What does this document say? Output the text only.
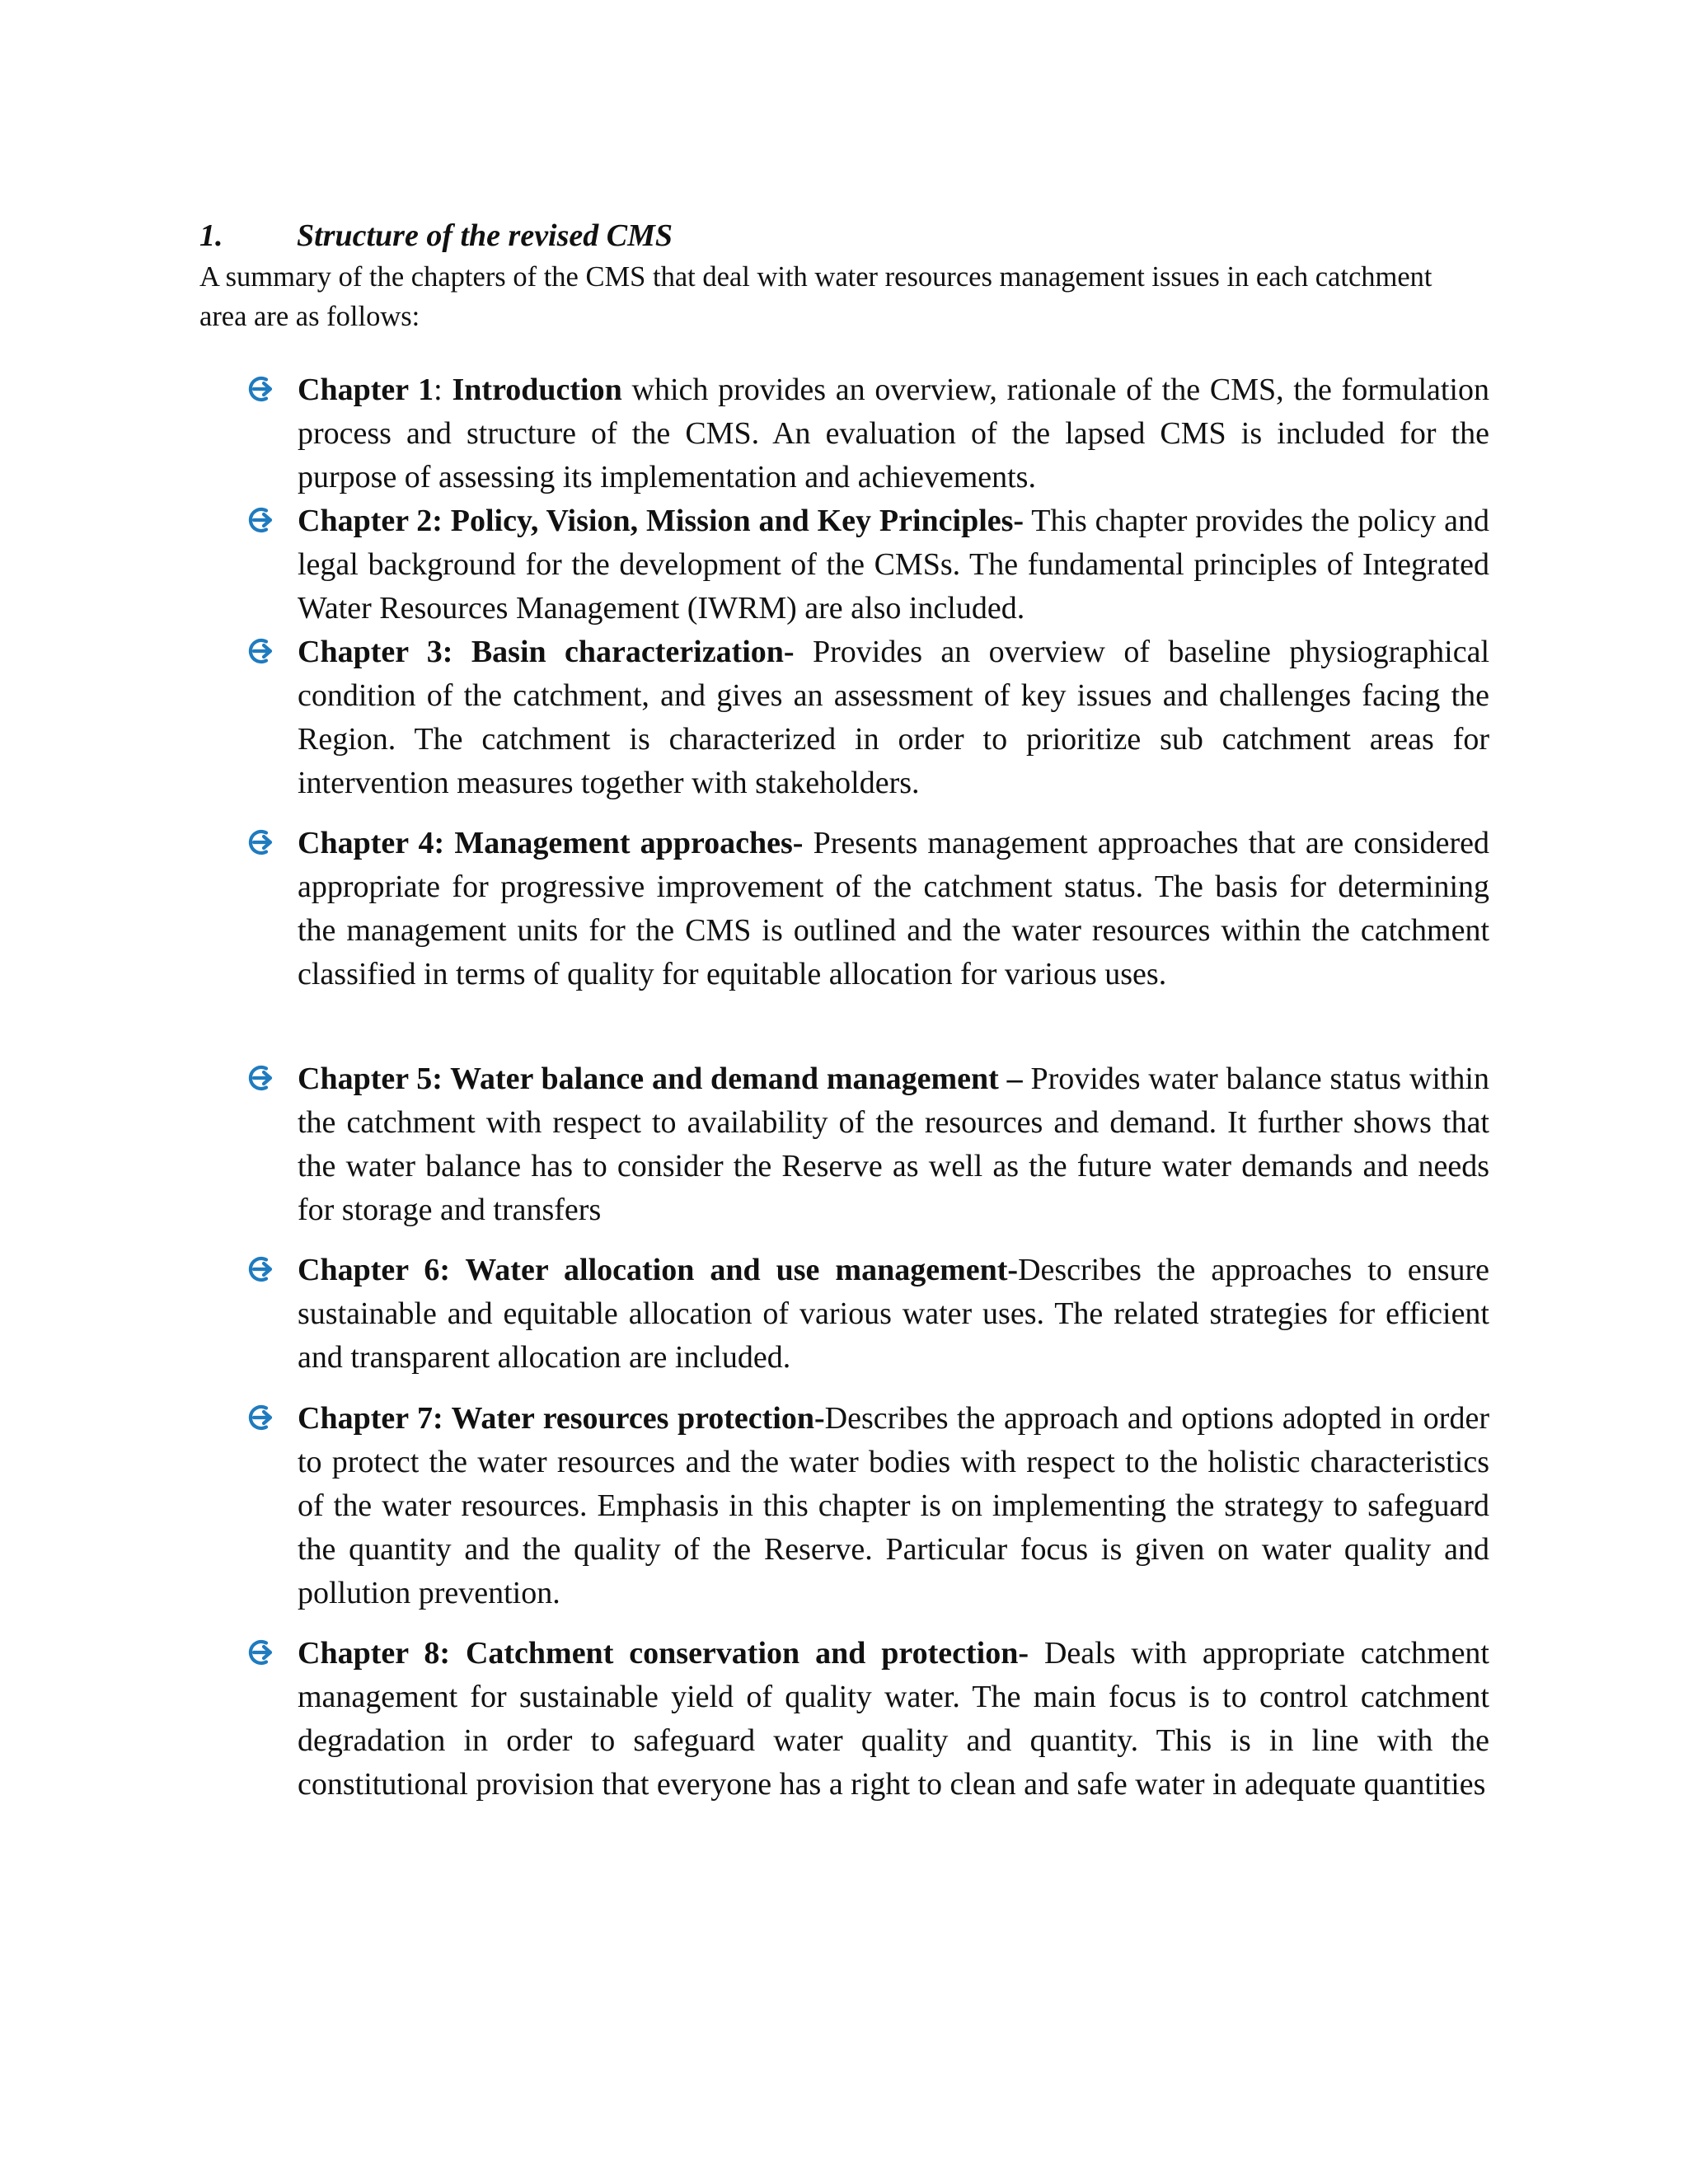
1. Structure of the revised CMS

A summary of the chapters of the CMS that deal with water resources management issues in each catchment area are as follows:

Chapter 1: Introduction which provides an overview, rationale of the CMS, the formulation process and structure of the CMS. An evaluation of the lapsed CMS is included for the purpose of assessing its implementation and achievements.
Chapter 2: Policy, Vision, Mission and Key Principles- This chapter provides the policy and legal background for the development of the CMSs. The fundamental principles of Integrated Water Resources Management (IWRM) are also included.
Chapter 3: Basin characterization- Provides an overview of baseline physiographical condition of the catchment, and gives an assessment of key issues and challenges facing the Region. The catchment is characterized in order to prioritize sub catchment areas for intervention measures together with stakeholders.
Chapter 4: Management approaches- Presents management approaches that are considered appropriate for progressive improvement of the catchment status. The basis for determining the management units for the CMS is outlined and the water resources within the catchment classified in terms of quality for equitable allocation for various uses.
Chapter 5: Water balance and demand management – Provides water balance status within the catchment with respect to availability of the resources and demand. It further shows that the water balance has to consider the Reserve as well as the future water demands and needs for storage and transfers
Chapter 6: Water allocation and use management-Describes the approaches to ensure sustainable and equitable allocation of various water uses. The related strategies for efficient and transparent allocation are included.
Chapter 7: Water resources protection-Describes the approach and options adopted in order to protect the water resources and the water bodies with respect to the holistic characteristics of the water resources. Emphasis in this chapter is on implementing the strategy to safeguard the quantity and the quality of the Reserve. Particular focus is given on water quality and pollution prevention.
Chapter 8: Catchment conservation and protection- Deals with appropriate catchment management for sustainable yield of quality water. The main focus is to control catchment degradation in order to safeguard water quality and quantity. This is in line with the constitutional provision that everyone has a right to clean and safe water in adequate quantities
